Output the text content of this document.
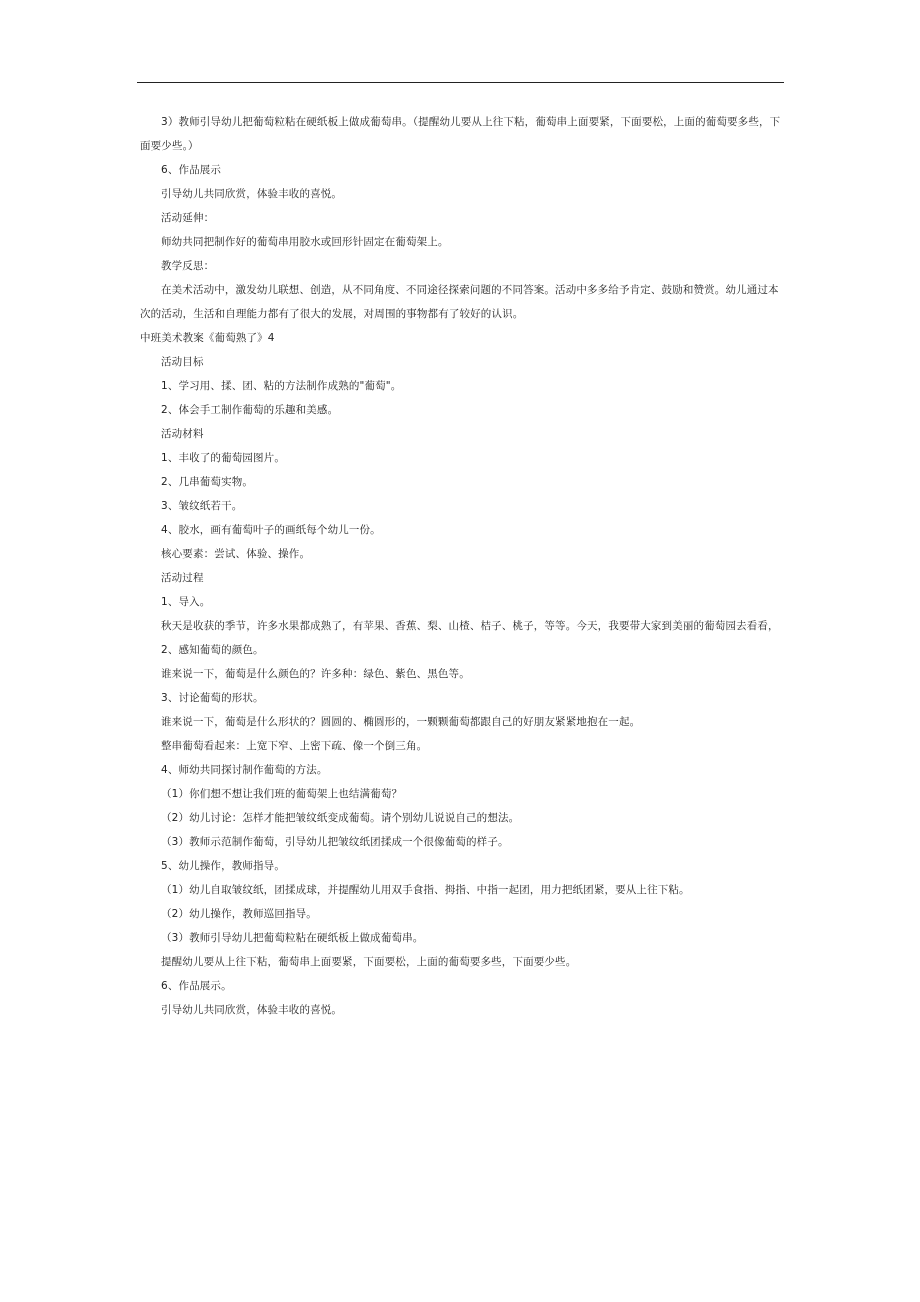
3）教师引导幼儿把葡萄粒粘在硬纸板上做成葡萄串。（提醒幼儿要从上往下粘，葡萄串上面要紧，下面要松，上面的葡萄要多些，下面要少些。）
6、作品展示
引导幼儿共同欣赏，体验丰收的喜悦。
活动延伸：
师幼共同把制作好的葡萄串用胶水或回形针固定在葡萄架上。
教学反思：
在美术活动中，激发幼儿联想、创造，从不同角度、不同途径探索问题的不同答案。活动中多多给予肯定、鼓励和赞赏。幼儿通过本次的活动，生活和自理能力都有了很大的发展，对周围的事物都有了较好的认识。
中班美术教案《葡萄熟了》4
活动目标
1、学习用、揉、团、粘的方法制作成熟的"葡萄"。
2、体会手工制作葡萄的乐趣和美感。
活动材料
1、丰收了的葡萄园图片。
2、几串葡萄实物。
3、皱纹纸若干。
4、胶水，画有葡萄叶子的画纸每个幼儿一份。
核心要素：尝试、体验、操作。
活动过程
1、导入。
秋天是收获的季节，许多水果都成熟了，有苹果、香蕉、梨、山楂、桔子、桃子，等等。今天，我要带大家到美丽的葡萄园去看看，
2、感知葡萄的颜色。
谁来说一下，葡萄是什么颜色的？许多种：绿色、紫色、黑色等。
3、讨论葡萄的形状。
谁来说一下，葡萄是什么形状的？圆圆的、椭圆形的，一颗颗葡萄都跟自己的好朋友紧紧地抱在一起。
整串葡萄看起来：上宽下窄、上密下疏、像一个倒三角。
4、师幼共同探讨制作葡萄的方法。
（1）你们想不想让我们班的葡萄架上也结满葡萄？
（2）幼儿讨论：怎样才能把皱纹纸变成葡萄。请个别幼儿说说自己的想法。
（3）教师示范制作葡萄，引导幼儿把皱纹纸团揉成一个很像葡萄的样子。
5、幼儿操作，教师指导。
（1）幼儿自取皱纹纸，团揉成球，并提醒幼儿用双手食指、拇指、中指一起团，用力把纸团紧，要从上往下粘。
（2）幼儿操作，教师巡回指导。
（3）教师引导幼儿把葡萄粒粘在硬纸板上做成葡萄串。
提醒幼儿要从上往下粘，葡萄串上面要紧，下面要松，上面的葡萄要多些，下面要少些。
6、作品展示。
引导幼儿共同欣赏，体验丰收的喜悦。
